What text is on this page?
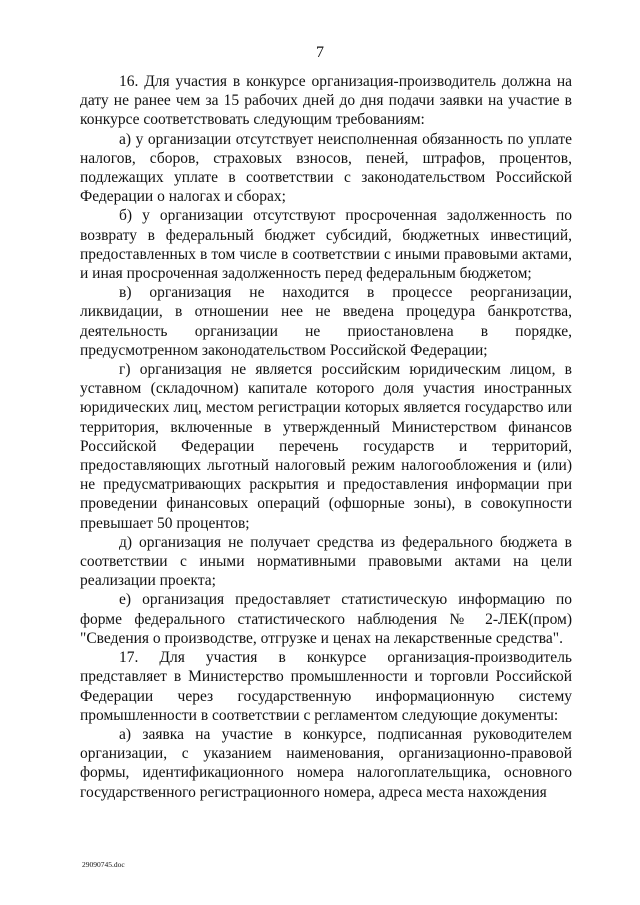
7

16. Для участия в конкурсе организация-производитель должна на дату не ранее чем за 15 рабочих дней до дня подачи заявки на участие в конкурсе соответствовать следующим требованиям:

а) у организации отсутствует неисполненная обязанность по уплате налогов, сборов, страховых взносов, пеней, штрафов, процентов, подлежащих уплате в соответствии с законодательством Российской Федерации о налогах и сборах;

б) у организации отсутствуют просроченная задолженность по возврату в федеральный бюджет субсидий, бюджетных инвестиций, предоставленных в том числе в соответствии с иными правовыми актами, и иная просроченная задолженность перед федеральным бюджетом;

в) организация не находится в процессе реорганизации, ликвидации, в отношении нее не введена процедура банкротства, деятельность организации не приостановлена в порядке, предусмотренном законодательством Российской Федерации;

г) организация не является российским юридическим лицом, в уставном (складочном) капитале которого доля участия иностранных юридических лиц, местом регистрации которых является государство или территория, включенные в утвержденный Министерством финансов Российской Федерации перечень государств и территорий, предоставляющих льготный налоговый режим налогообложения и (или) не предусматривающих раскрытия и предоставления информации при проведении финансовых операций (офшорные зоны), в совокупности превышает 50 процентов;

д) организация не получает средства из федерального бюджета в соответствии с иными нормативными правовыми актами на цели реализации проекта;

е) организация предоставляет статистическую информацию по форме федерального статистического наблюдения № 2-ЛЕК(пром) "Сведения о производстве, отгрузке и ценах на лекарственные средства".

17. Для участия в конкурсе организация-производитель представляет в Министерство промышленности и торговли Российской Федерации через государственную информационную систему промышленности в соответствии с регламентом следующие документы:

а) заявка на участие в конкурсе, подписанная руководителем организации, с указанием наименования, организационно-правовой формы, идентификационного номера налогоплательщика, основного государственного регистрационного номера, адреса места нахождения

29090745.doc
